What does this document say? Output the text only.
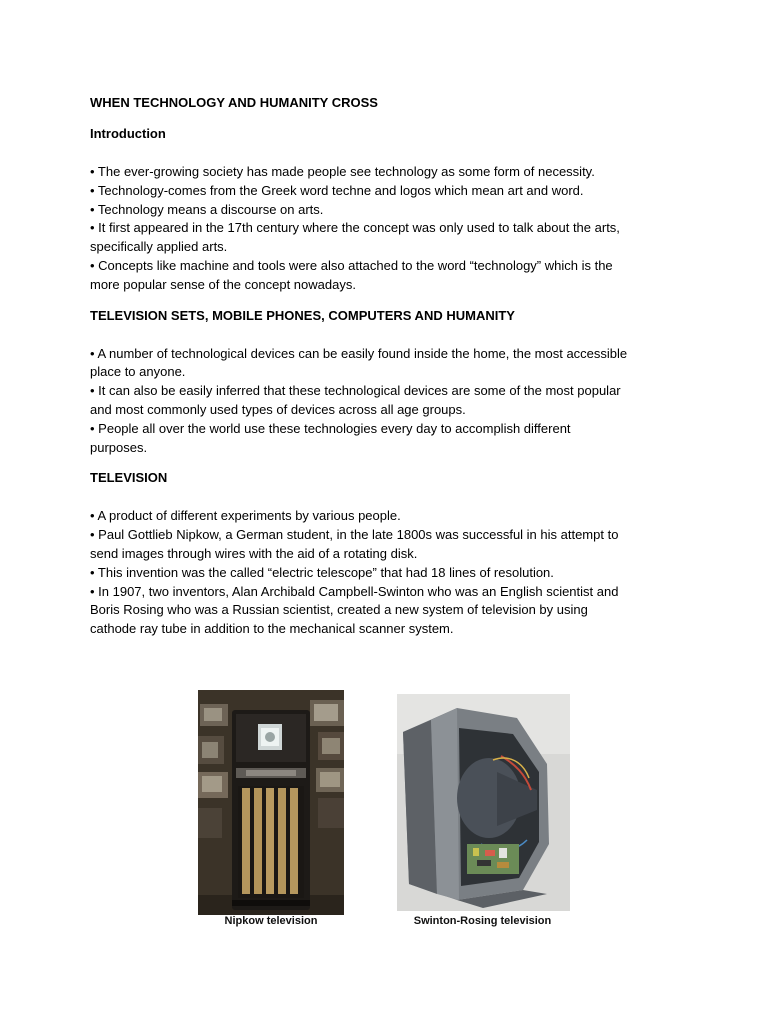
WHEN TECHNOLOGY AND HUMANITY CROSS

Introduction

• The ever-growing society has made people see technology as some form of necessity.
• Technology-comes from the Greek word techne and logos which mean art and word.
• Technology means a discourse on arts.
• It first appeared in the 17th century where the concept was only used to talk about the arts, specifically applied arts.
• Concepts like machine and tools were also attached to the word “technology” which is the more popular sense of the concept nowadays.

TELEVISION SETS, MOBILE PHONES, COMPUTERS AND HUMANITY

• A number of technological devices can be easily found inside the home, the most accessible place to anyone.
• It can also be easily inferred that these technological devices are some of the most popular and most commonly used types of devices across all age groups.
• People all over the world use these technologies every day to accomplish different purposes.

TELEVISION

• A product of different experiments by various people.
• Paul Gottlieb Nipkow, a German student, in the late 1800s was successful in his attempt to send images through wires with the aid of a rotating disk.
• This invention was the called “electric telescope” that had 18 lines of resolution.
• In 1907, two inventors, Alan Archibald Campbell-Swinton who was an English scientist and Boris Rosing who was a Russian scientist, created a new system of television by using cathode ray tube in addition to the mechanical scanner system.
Nipkow television	Swinton-Rosing television
